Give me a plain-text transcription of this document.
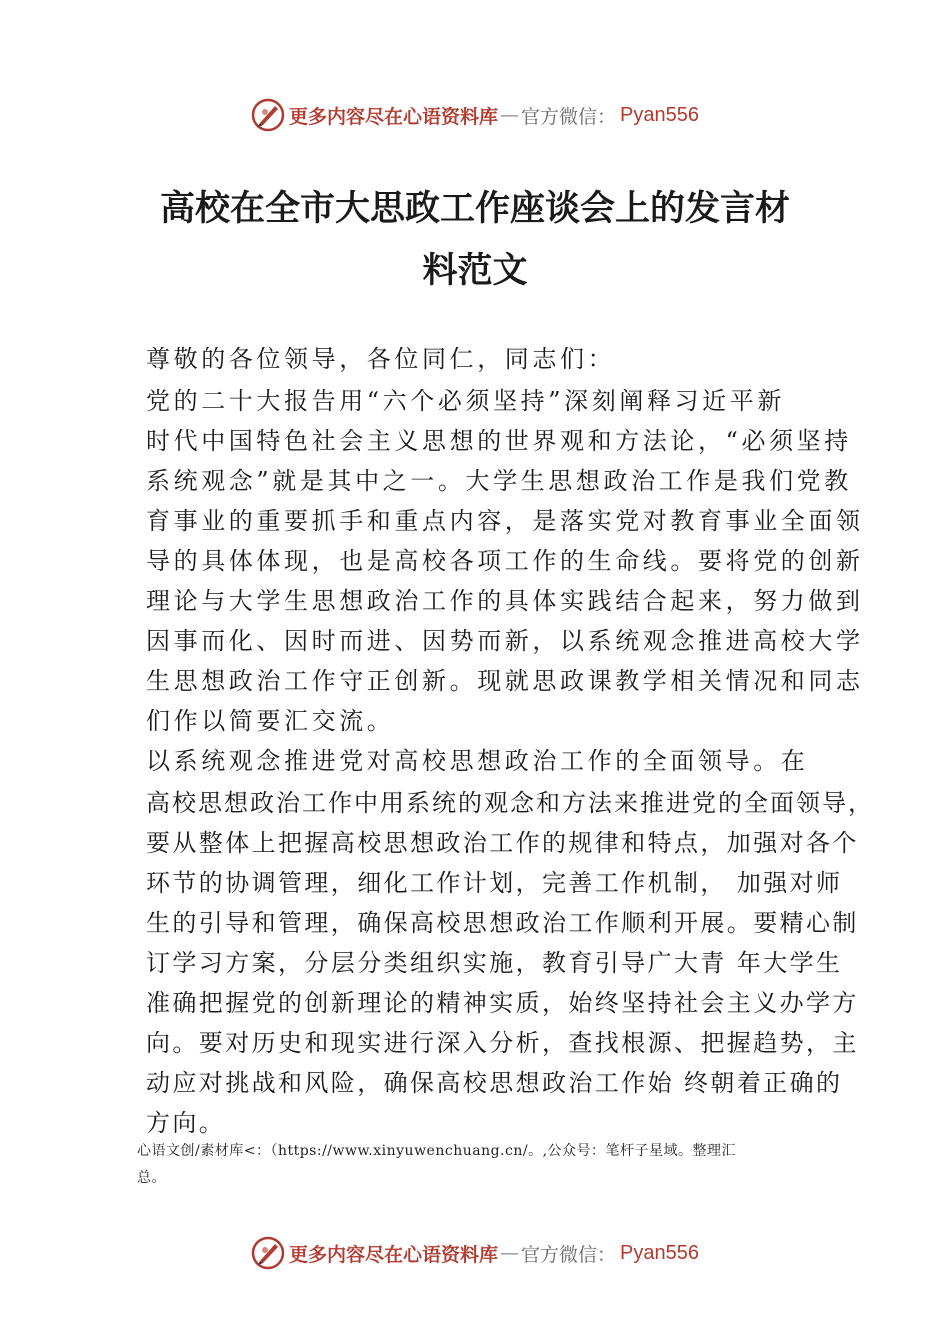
更多内容尽在心语资料库 — 官方微信： Pyan556
高校在全市大思政工作座谈会上的发言材
料范文
尊敬的各位领导，各位同仁，同志们：
党的二十大报告用“六个必须坚持”深刻阐释习近平新
时代中国特色社会主义思想的世界观和方法论，“必须坚持
系统观念”就是其中之一。大学生思想政治工作是我们党教
育事业的重要抓手和重点内容，是落实党对教育事业全面领
导的具体体现，也是高校各项工作的生命线。要将党的创新
理论与大学生思想政治工作的具体实践结合起来，努力做到
因事而化、因时而进、因势而新，以系统观念推进高校大学
生思想政治工作守正创新。现就思政课教学相关情况和同志
们作以简要汇交流。
以系统观念推进党对高校思想政治工作的全面领导。在
高校思想政治工作中用系统的观念和方法来推进党的全面领导，
要从整体上把握高校思想政治工作的规律和特点，加强对各个
环节的协调管理，细化工作计划，完善工作机制， 加强对师
生的引导和管理，确保高校思想政治工作顺利开展。要精心制
订学习方案，分层分类组织实施，教育引导广大青 年大学生
准确把握党的创新理论的精神实质，始终坚持社会主义办学方
向。要对历史和现实进行深入分析，查找根源、把握趋势，主
动应对挑战和风险，确保高校思想政治工作始 终朝着正确的
方向。
心语文创/素材库<：（https://www.xinyuwenchuang.cn/。,公众号：笔杆子星域。整理汇
总。
更多内容尽在心语资料库 — 官方微信： Pyan556
